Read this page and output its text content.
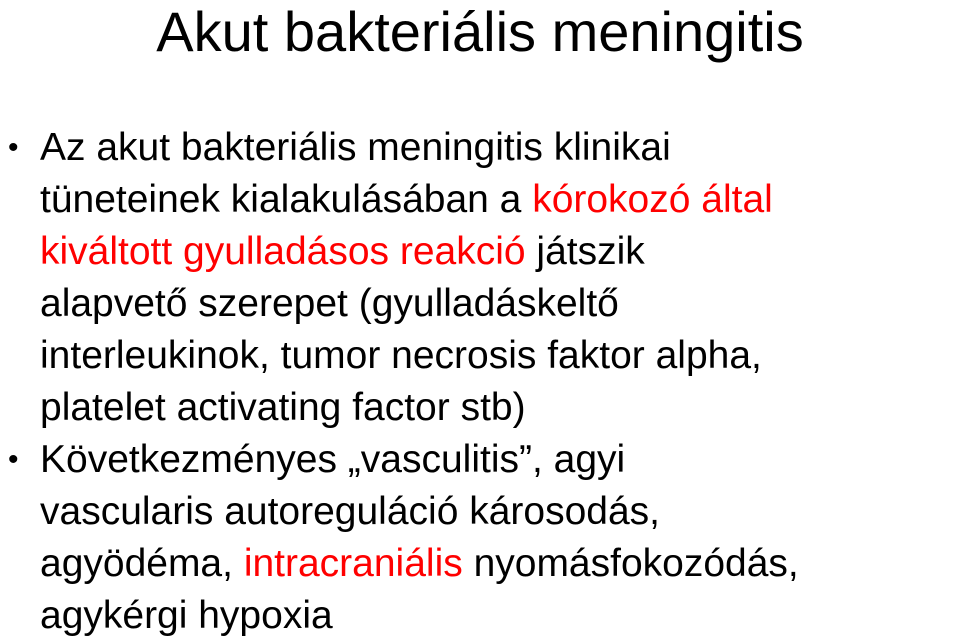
Akut bakteriális meningitis
• Az akut bakteriális meningitis klinikai
tüneteinek kialakulásában a kórokozó által
kiváltott gyulladásos reakció játszik
alapvető szerepet (gyulladáskeltő
interleukinok, tumor necrosis faktor alpha,
platelet activating factor stb)
• Következményes „vasculitis”, agyi
vascularis autoreguláció károsodás,
agyödéma, intracraniális nyomásfokozódás,
agykérgi hypoxia
